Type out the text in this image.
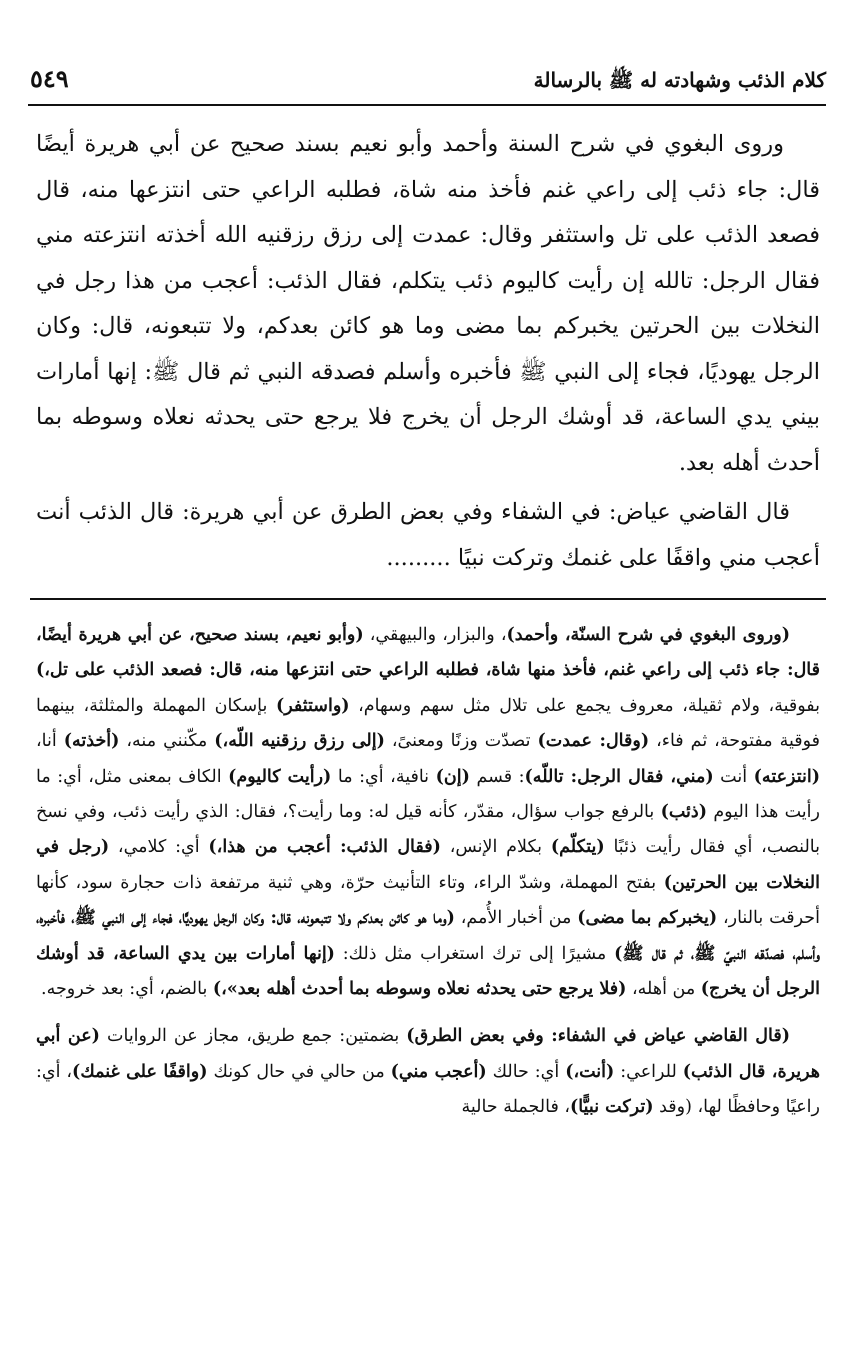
كلام الذئب وشهادته له ﷺ بالرسالة
٥٤٩

وروى البغوي في شرح السنة وأحمد وأبو نعيم بسند صحيح عن أبي هريرة أيضًا قال: جاء ذئب إلى راعي غنم فأخذ منه شاة، فطلبه الراعي حتى انتزعها منه، قال فصعد الذئب على تل واستثفر وقال: عمدت إلى رزق رزقنيه الله أخذته انتزعته مني فقال الرجل: تالله إن رأيت كاليوم ذئب يتكلم، فقال الذئب: أعجب من هذا رجل في النخلات بين الحرتين يخبركم بما مضى وما هو كائن بعدكم، ولا تتبعونه، قال: وكان الرجل يهوديًا، فجاء إلى النبي ﷺ فأخبره وأسلم فصدقه النبي ثم قال ﷺ: إنها أمارات بيني يدي الساعة، قد أوشك الرجل أن يخرج فلا يرجع حتى يحدثه نعلاه وسوطه بما أحدث أهله بعد.

قال القاضي عياض: في الشفاء وفي بعض الطرق عن أبي هريرة: قال الذئب أنت أعجب مني واقفًا على غنمك وتركت نبيًا .........

(وروى البغوي في شرح السنّة، وأحمد)، والبزار، والبيهقي، (وأبو نعيم، بسند صحيح، عن أبي هريرة أيضًا، قال: جاء ذئب إلى راعي غنم، فأخذ منها شاة، فطلبه الراعي حتى انتزعها منه، قال: فصعد الذئب على تل،) بفوقية، ولام ثقيلة، معروف يجمع على تلال مثل سهم وسهام، (واستثفر) بإسكان المهملة والمثلثة، بينهما فوقية مفتوحة، ثم فاء، (وقال: عمدت) تصدّت وزنًا ومعنىً، (إلى رزق رزقنيه اللّه،) مكّنني منه، (أخذته) أنا، (انتزعته) أنت (مني، فقال الرجل: تاللّه): قسم (إن) نافية، أي: ما (رأيت كاليوم) الكاف بمعنى مثل، أي: ما رأيت هذا اليوم (ذئب) بالرفع جواب سؤال، مقدّر، كأنه قيل له: وما رأيت؟، فقال: الذي رأيت ذئب، وفي نسخ بالنصب، أي فقال رأيت ذئبًا (يتكلّم) بكلام الإنس، (فقال الذئب: أعجب من هذا،) أي: كلامي، (رجل في النخلات بين الحرتين) بفتح المهملة، وشدّ الراء، وتاء التأنيث حرّة، وهي ثنية مرتفعة ذات حجارة سود، كأنها أحرقت بالنار، (يخبركم بما مضى) من أخبار الأُمم، (وما هو كائن بعدكم ولا تتبعونه، قال: وكان الرجل يهوديًّا، فجاء إلى النبي ﷺ، فأخبره، وأسلم، فصدّقه النبيّ ﷺ، ثم قال ﷺ) مشيرًا إلى ترك استغراب مثل ذلك: (إنها أمارات بين يدي الساعة، قد أوشك الرجل أن يخرج) من أهله، (فلا يرجع حتى يحدثه نعلاه وسوطه بما أحدث أهله بعد»،) بالضم، أي: بعد خروجه.

(قال القاضي عياض في الشفاء: وفي بعض الطرق) بضمتين: جمع طريق، مجاز عن الروايات (عن أبي هريرة، قال الذئب) للراعي: (أنت،) أي: حالك (أعجب مني) من حالي في حال كونك (واقفًا على غنمك)، أي: راعيًا وحافظًا لها، (وقد (تركت نبيًّا)، فالجملة حالية
